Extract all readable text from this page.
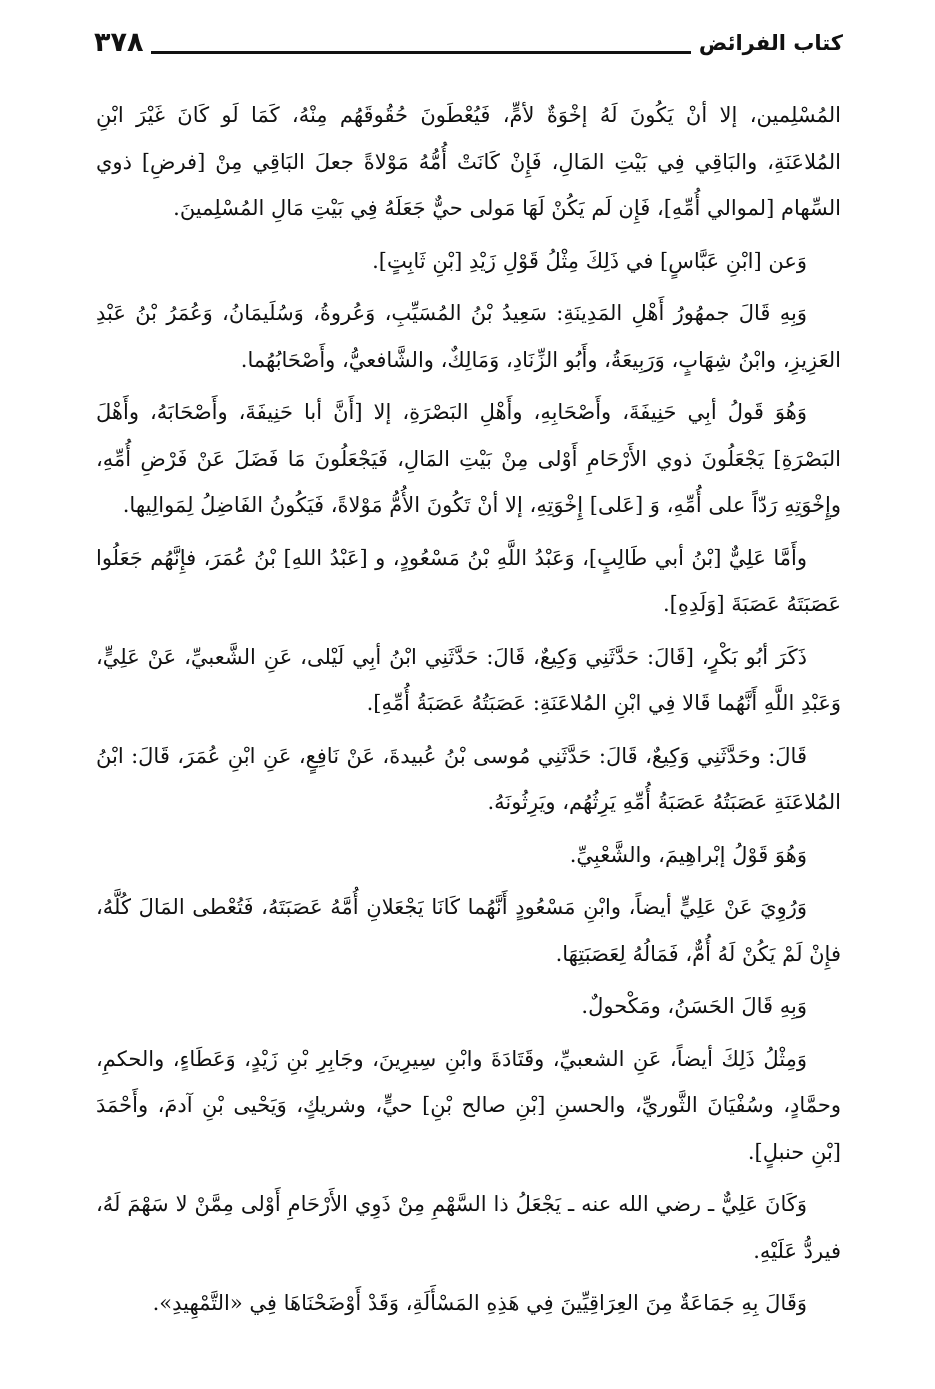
٣٧٨	كتاب الفرائض

المُسْلِمين، إلا أنْ يَكُونَ لَهُ إخْوَةٌ لأمٍّ، فَيُعْطَونَ حُقُوقَهُم مِنْهُ، كَمَا لَو كَانَ غَيْرَ ابْنِ المُلاعَنَةِ، والبَاقِي فِي بَيْتِ المَالِ، فَإِنْ كَانَتْ أُمُّهُ مَوْلاةً جعلَ البَاقِي مِنْ [فرضِ] ذوي السِّهام [لموالي أُمِّهِ]، فَإِن لَم يَكُنْ لَهَا مَولى حيٌّ جَعَلَهُ فِي بَيْتِ مَالِ المُسْلِمينَ.

وَعن [ابْنِ عَبَّاسٍ] في ذَلِكَ مِثْلُ قَوْلِ زَيْدِ [بْنِ ثَابِتٍ].

وَبِهِ قَالَ جمهُورُ أَهْلِ المَدِينَةِ: سَعِيدُ بْنُ المُسَيِّبِ، وَعُروةُ، وَسُلَيمَانُ، وَعُمَرُ بْنُ عَبْدِ العَزِيزِ، وابْنُ شِهَابٍ، وَرَبِيعَةُ، وأَبُو الزِّنَادِ، وَمَالِكٌ، والشَّافعيُّ، وأَصْحَابُهُما.

وَهُوَ قَولُ أبِي حَنِيفَةَ، وأَصْحَابِهِ، وأَهْلِ البَصْرَةِ، إلا [أَنَّ أبا حَنِيفَةَ، وأَصْحَابَهُ، وأَهْلَ البَصْرَةِ] يَجْعَلُونَ ذوي الأَرْحَامِ أَوْلى مِنْ بَيْتِ المَالِ، فَيَجْعَلُونَ مَا فَضَلَ عَنْ فَرْضِ أُمِّهِ، وإِخْوَتِهِ رَدّاً على أُمِّهِ، وَ [عَلى] إِخْوَتِهِ، إلا أنْ تَكُونَ الأُمُّ مَوْلاةً، فَيَكُونُ الفَاضِلُ لِمَوالِيها.

وأَمَّا عَلِيٌّ [بْنُ أبي طَالِبٍ]، وَعَبْدُ اللَّهِ بْنُ مَسْعُودٍ، و [عَبْدُ اللهِ] بْنُ عُمَرَ، فإِنَّهُم جَعَلُوا عَصَبَتَهُ عَصَبَةَ [وَلَدِهِ].

ذَكَرَ أبُو بَكْرٍ، [قَالَ: حَدَّثَنِي وَكِيعٌ، قَالَ: حَدَّثَنِي ابْنُ أبِي لَيْلى، عَنِ الشَّعبيِّ، عَنْ عَلِيٍّ، وَعَبْدِ اللَّهِ أَنَّهُما قَالا فِي ابْنِ المُلاعَنَةِ: عَصَبَتُهُ عَصَبَةُ أُمِّهِ].

قَالَ: وحَدَّثَنِي وَكِيعٌ، قَالَ: حَدَّثَنِي مُوسى بْنُ عُبيدةَ، عَنْ نَافِعٍ، عَنِ ابْنِ عُمَرَ، قَالَ: ابْنُ المُلاعَنَةِ عَصَبَتُهُ عَصَبَةُ أُمِّهِ يَرِثُهُم، ويَرِثُونَهُ.

وَهُوَ قَوْلُ إبْراهِيمَ، والشَّعْبِيِّ.

وَرُوِيَ عَنْ عَلِيٍّ أيضاً، وابْنِ مَسْعُودٍ أَنَّهُما كَانَا يَجْعَلانِ أُمَّهُ عَصَبَتَهُ، فَتُعْطى المَالَ كُلَّهُ، فإِنْ لَمْ يَكُنْ لَهُ أُمٌّ، فَمَالُهُ لِعَصَبَتِهَا.

وَبِهِ قَالَ الحَسَنُ، ومَكْحولٌ.

وَمِثْلُ ذَلِكَ أيضاً، عَنِ الشعبيِّ، وقَتَادَةَ وابْنِ سِيرِينَ، وجَابِرِ بْنِ زَيْدٍ، وَعَطَاءٍ، والحكمِ، وحمَّادٍ، وسُفْيَانَ الثَّوريِّ، والحسنِ [بْنِ صالح بْنِ] حيٍّ، وشريكٍ، وَيَحْيى بْنِ آدمَ، وأَحْمَدَ [بْنِ حنبلٍ].

وَكَانَ عَلِيٌّ ـ رضي الله عنه ـ يَجْعَلُ ذا السَّهْمِ مِنْ ذَوِي الأَرْحَامِ أَوْلى مِمَّنْ لا سَهْمَ لَهُ، فيردُّ عَلَيْهِ.

وَقَالَ بِهِ جَمَاعَةٌ مِنَ العِرَاقِيِّينَ فِي هَذِهِ المَسْأَلَةِ، وَقَدْ أَوْضَحْنَاهَا فِي «التَّمْهِيدِ».
